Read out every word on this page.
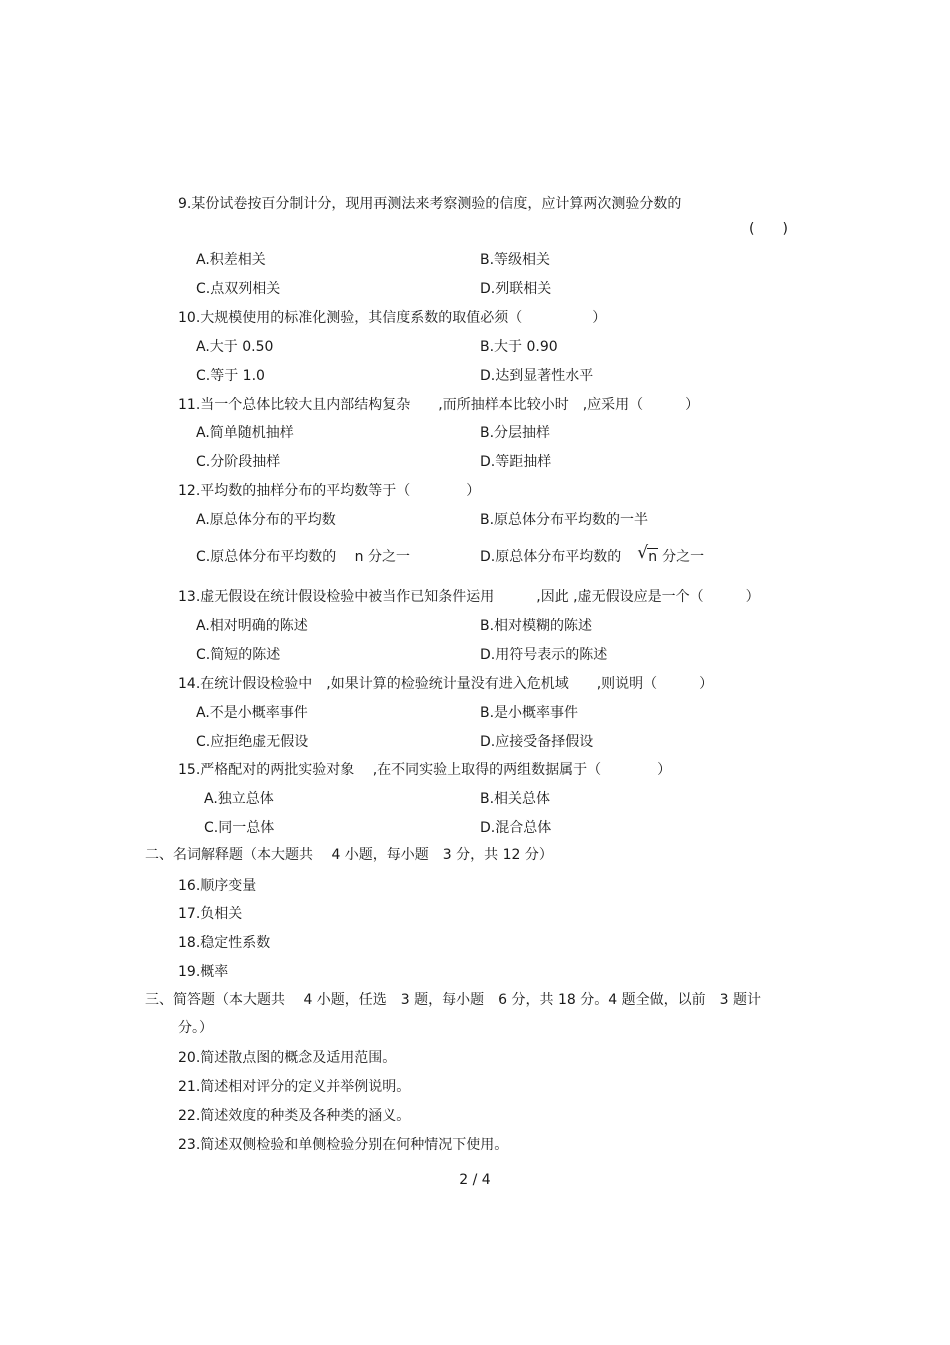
9.某份试卷按百分制计分，现用再测法来考察测验的信度，应计算两次测验分数的
(　　)
A.积差相关	B.等级相关
C.点双列相关	D.列联相关
10.大规模使用的标准化测验，其信度系数的取值必须（　　　　　）
A.大于 0.50	B.大于 0.90
C.等于 1.0	D.达到显著性水平
11.当一个总体比较大且内部结构复杂　　,而所抽样本比较小时　,应采用（　　　）
A.简单随机抽样	B.分层抽样
C.分阶段抽样	D.等距抽样
12.平均数的抽样分布的平均数等于（　　　　）
A.原总体分布的平均数	B.原总体分布平均数的一半
C.原总体分布平均数的　 n 分之一	D.原总体分布平均数的 √ n 分之一
13.虚无假设在统计假设检验中被当作已知条件运用　　　,因此 ,虚无假设应是一个（　　　）
A.相对明确的陈述	B.相对模糊的陈述
C.简短的陈述	D.用符号表示的陈述
14.在统计假设检验中　,如果计算的检验统计量没有进入危机域　　,则说明（　　　）
A.不是小概率事件	B.是小概率事件
C.应拒绝虚无假设	D.应接受备择假设
15.严格配对的两批实验对象　 ,在不同实验上取得的两组数据属于（　　　　）
A.独立总体	B.相关总体
C.同一总体	D.混合总体
二、名词解释题（本大题共　 4 小题，每小题　3 分，共 12 分）
16.顺序变量
17.负相关
18.稳定性系数
19.概率
三、简答题（本大题共　 4 小题，任选　3 题，每小题　6 分，共 18 分。4 题全做，以前　3 题计
分。）
20.简述散点图的概念及适用范围。
21.简述相对评分的定义并举例说明。
22.简述效度的种类及各种类的涵义。
23.简述双侧检验和单侧检验分别在何种情况下使用。
2 / 4
